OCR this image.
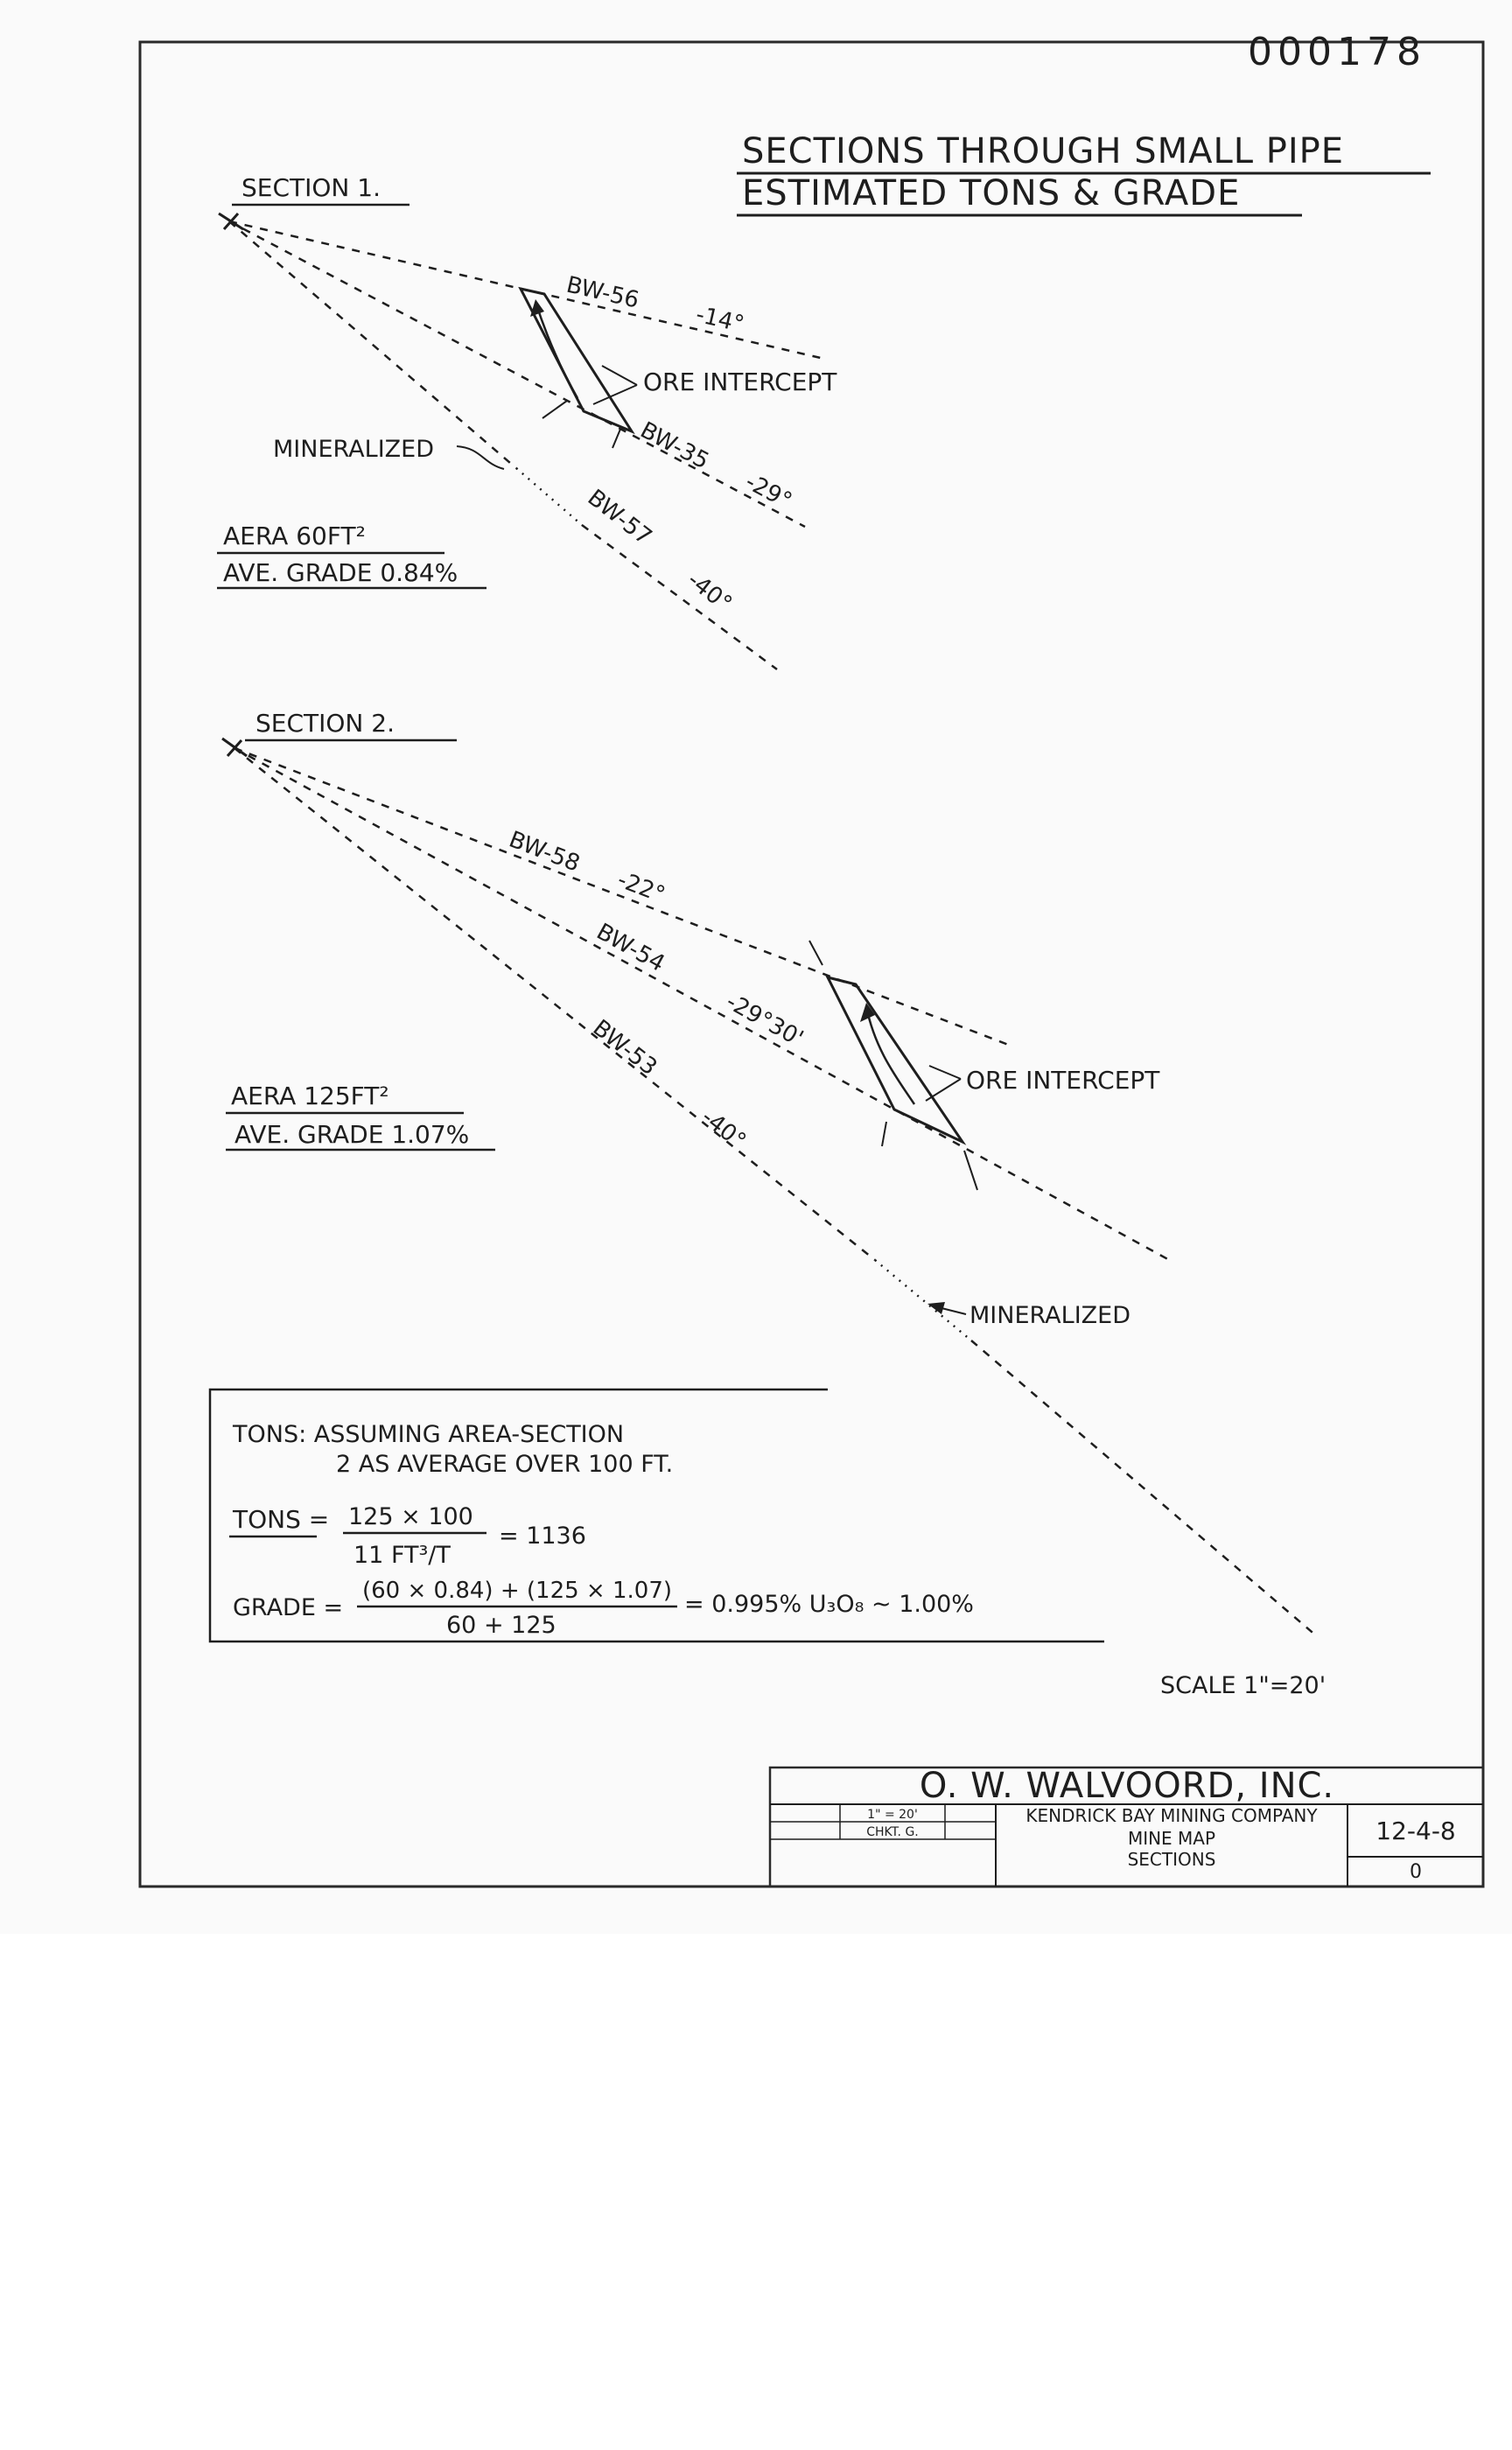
000178
SECTIONS THROUGH SMALL PIPE
ESTIMATED TONS & GRADE
SECTION 1.
ORE INTERCEPT
BW-56
-14°
BW-35
-29°
BW-57
-40°
MINERALIZED
AERA 60FT²
AVE. GRADE 0.84%
SECTION 2.
ORE INTERCEPT
BW-58
-22°
BW-54
-29°30'
BW-53
-40°
MINERALIZED
AERA 125FT²
AVE. GRADE 1.07%
TONS: ASSUMING AREA-SECTION
2 AS AVERAGE OVER 100 FT.
TONS = 125 × 100
11 FT³/T
= 1136
GRADE =
(60 × 0.84) + (125 × 1.07)
60 + 125
= 0.995% U₃O₈ ∼ 1.00%
SCALE 1"=20'
O. W. WALVOORD, INC.
1" = 20'
CHKT. G.
KENDRICK BAY MINING COMPANY
MINE MAP
SECTIONS
12-4-8
0
